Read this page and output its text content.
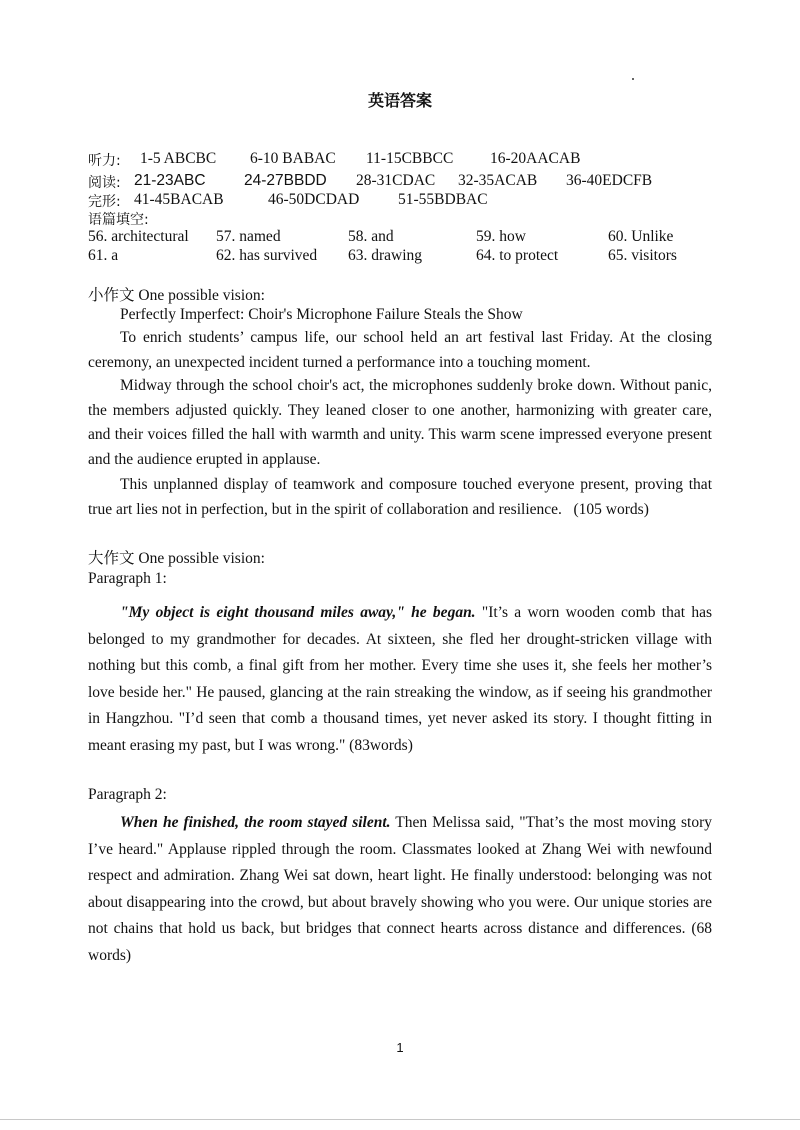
英语答案
听力: 1-5 ABCBC 6-10 BABAC 11-15CBBCC 16-20AACAB
阅读: 21-23ABC 24-27BBDD 28-31CDAC 32-35ACAB 36-40EDCFB
完形: 41-45BACAB	46-50DCDAD 51-55BDBAC
语篇填空:
56. architectural 57. named	58. and	59. how	60. Unlike
61. a	62. has survived 63. drawing	64. to protect	65. visitors
小作文 One possible vision:
Perfectly Imperfect: Choir's Microphone Failure Steals the Show
To enrich students’ campus life, our school held an art festival last Friday. At the closing ceremony, an unexpected incident turned a performance into a touching moment.
Midway through the school choir's act, the microphones suddenly broke down. Without panic, the members adjusted quickly. They leaned closer to one another, harmonizing with greater care, and their voices filled the hall with warmth and unity. This warm scene impressed everyone present and the audience erupted in applause.
This unplanned display of teamwork and composure touched everyone present, proving that true art lies not in perfection, but in the spirit of collaboration and resilience.   (105 words)
大作文 One possible vision:
Paragraph 1:
"My object is eight thousand miles away," he began. "It’s a worn wooden comb that has belonged to my grandmother for decades. At sixteen, she fled her drought-stricken village with nothing but this comb, a final gift from her mother. Every time she uses it, she feels her mother’s love beside her." He paused, glancing at the rain streaking the window, as if seeing his grandmother in Hangzhou. "I’d seen that comb a thousand times, yet never asked its story. I thought fitting in meant erasing my past, but I was wrong." (83words)
Paragraph 2:
When he finished, the room stayed silent. Then Melissa said, "That’s the most moving story I’ve heard." Applause rippled through the room. Classmates looked at Zhang Wei with newfound respect and admiration. Zhang Wei sat down, heart light. He finally understood: belonging was not about disappearing into the crowd, but about bravely showing who you were. Our unique stories are not chains that hold us back, but bridges that connect hearts across distance and differences. (68 words)
1
